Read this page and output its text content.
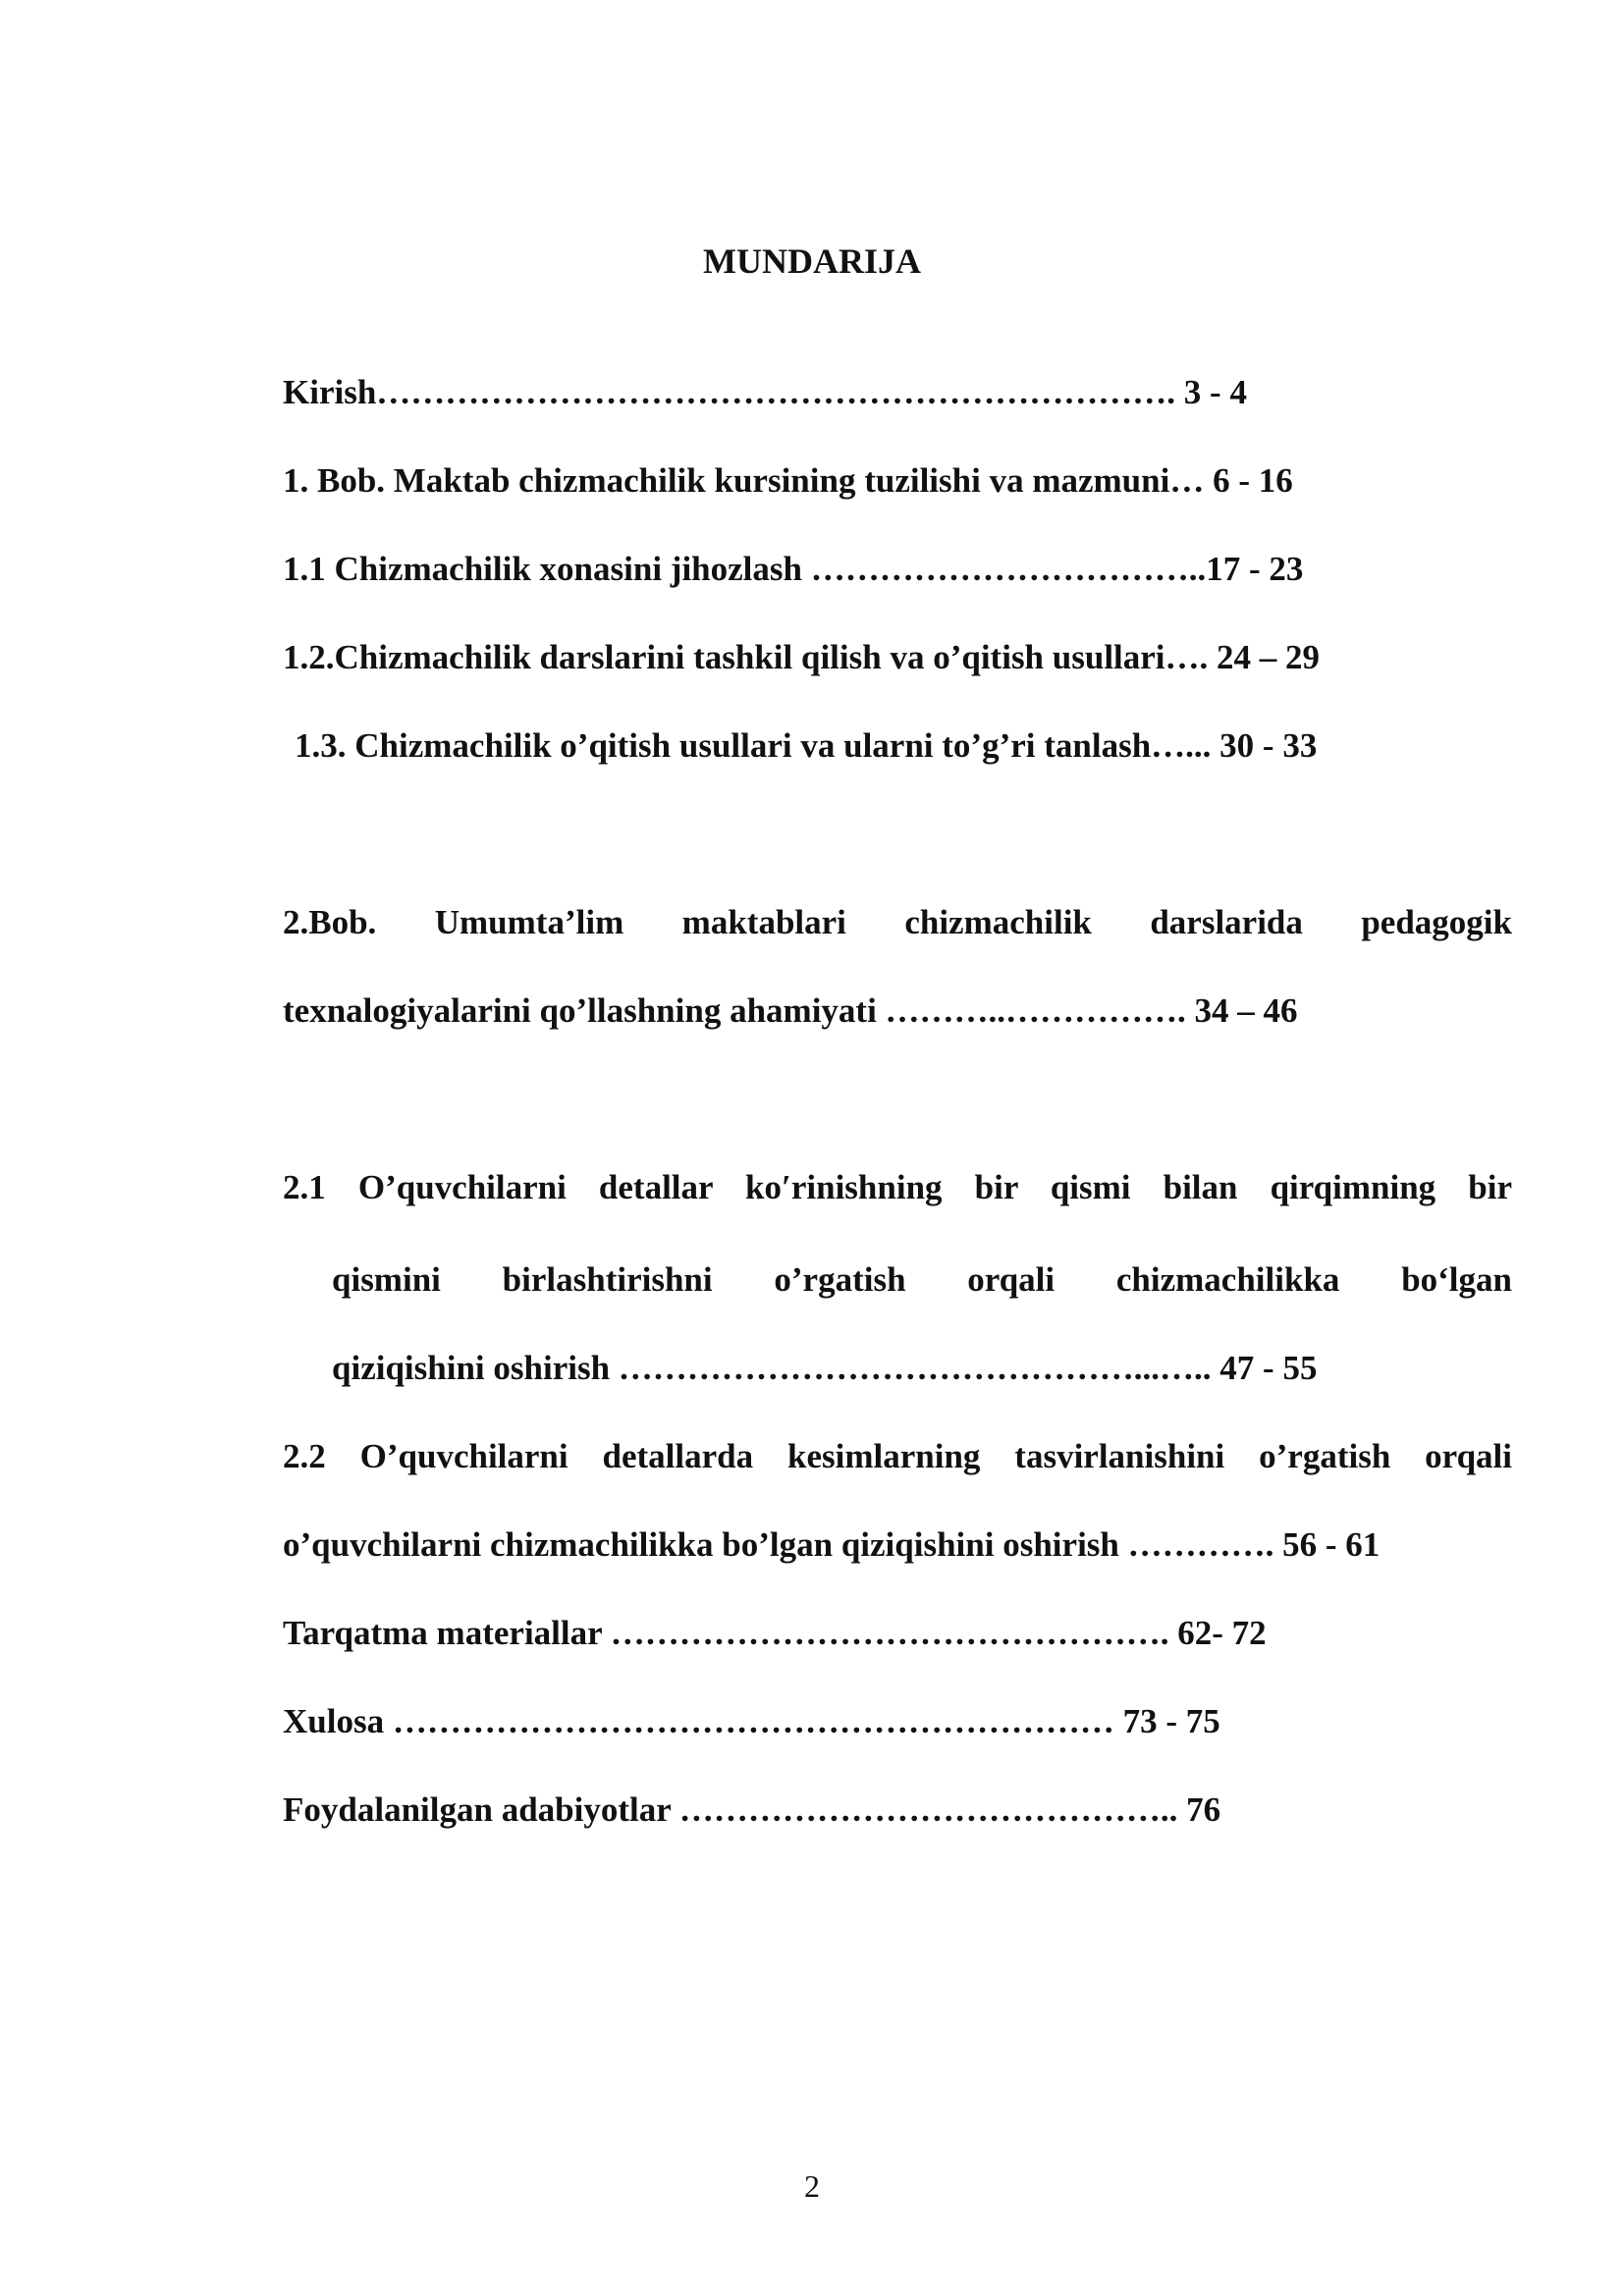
MUNDARIJA

Kirish……………………………………………………………. 3 - 4

1. Bob. Maktab chizmachilik kursining tuzilishi va mazmuni… 6 - 16

1.1 Chizmachilik xonasini jihozlash ……………………………..17 - 23

1.2.Chizmachilik darslarini tashkil qilish va o’qitish usullari…. 24 – 29

1.3. Chizmachilik o’qitish usullari va ularni to’g’ri tanlash…... 30 - 33

2.Bob. Umumta’lim maktablari chizmachilik darslarida pedagogik

texnalogiyalarini qo’llashning ahamiyati ………..……………. 34 – 46

2.1 O’quvchilarni detallar ko′rinishning bir qismi bilan qirqimning bir

qismini birlashtirishni o’rgatish orqali chizmachilikka bo‘lgan

qiziqishini oshirish ………………………………………...….. 47 - 55

2.2 O’quvchilarni detallarda kesimlarning tasvirlanishini o’rgatish orqali

o’quvchilarni chizmachilikka bo’lgan qiziqishini oshirish …………. 56 - 61

Tarqatma materiallar …………………………………………. 62- 72

Xulosa ……………………………………………………… 73 - 75

Foydalanilgan adabiyotlar …………………………………….. 76

2
